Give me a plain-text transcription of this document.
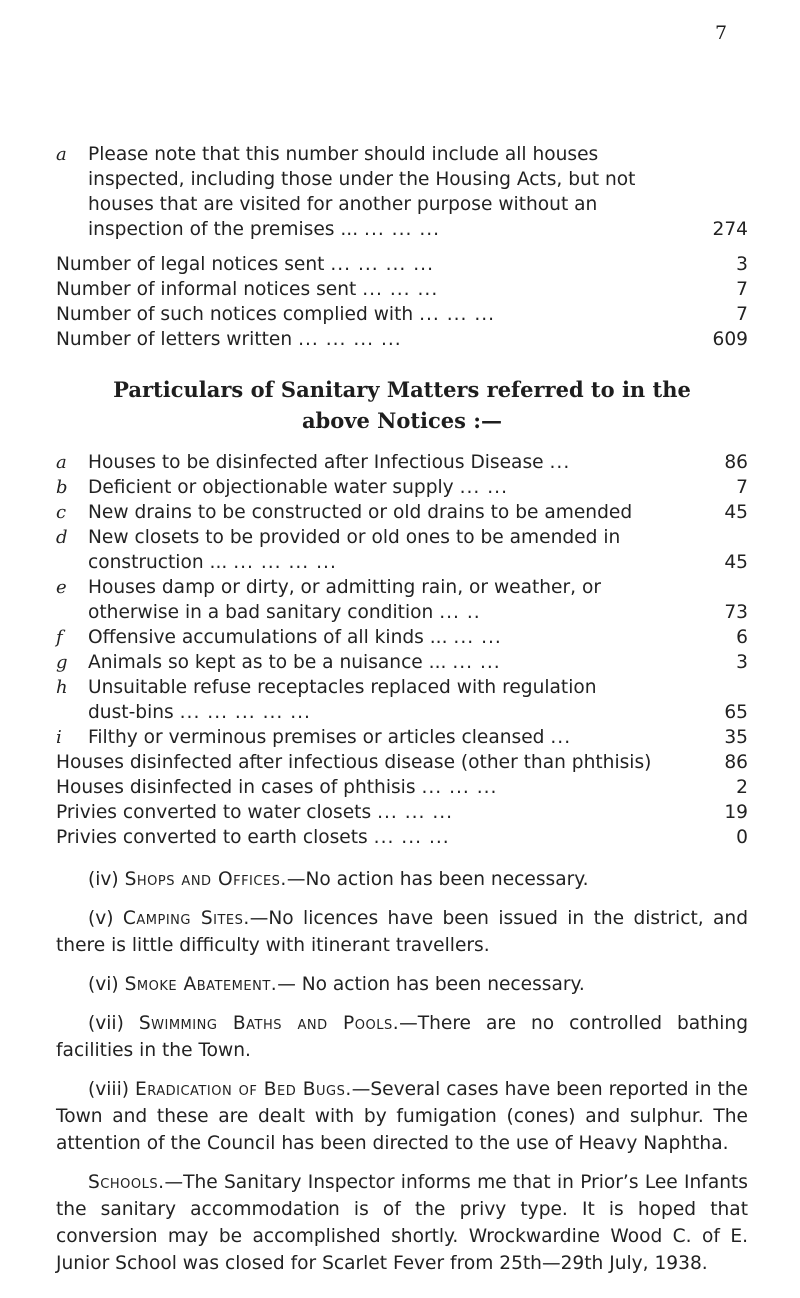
7
a	Please note that this number should include all houses
inspected, including those under the Housing Acts, but not
houses that are visited for another purpose without an
inspection of the premises ... ... ... ...	274
Number of legal notices sent ... ... ... ...	3
Number of informal notices sent ... ... ...	7
Number of such notices complied with ... ... ...	7
Number of letters written ... ... ... ...	609
Particulars of Sanitary Matters referred to in the
above Notices :—
a	Houses to be disinfected after Infectious Disease ...	86
b	Deficient or objectionable water supply ... ...	7
c	New drains to be constructed or old drains to be amended	45
d	New closets to be provided or old ones to be amended in
construction ... ... ... ... ...	45
e	Houses damp or dirty, or admitting rain, or weather, or
otherwise in a bad sanitary condition ... ..	73
f	Offensive accumulations of all kinds ... ... ...	6
g	Animals so kept as to be a nuisance ... ... ...	3
h	Unsuitable refuse receptacles replaced with regulation
dust-bins ... ... ... ... ...	65
i	Filthy or verminous premises or articles cleansed ...	35
Houses disinfected after infectious disease (other than phthisis)	86
Houses disinfected in cases of phthisis ... ... ...	2
Privies converted to water closets ... ... ...	19
Privies converted to earth closets ... ... ...	0

(iv) Shops and Offices.—No action has been necessary.

(v) Camping Sites.—No licences have been issued in the district, and there is little difficulty with itinerant travellers.

(vi) Smoke Abatement.— No action has been necessary.

(vii) Swimming Baths and Pools.—There are no controlled bathing facilities in the Town.

(viii) Eradication of Bed Bugs.—Several cases have been reported in the Town and these are dealt with by fumigation (cones) and sulphur. The attention of the Council has been directed to the use of Heavy Naphtha.

Schools.—The Sanitary Inspector informs me that in Prior’s Lee Infants the sanitary accommodation is of the privy type. It is hoped that conversion may be accomplished shortly. Wrockwardine Wood C. of E. Junior School was closed for Scarlet Fever from 25th—29th July, 1938.
